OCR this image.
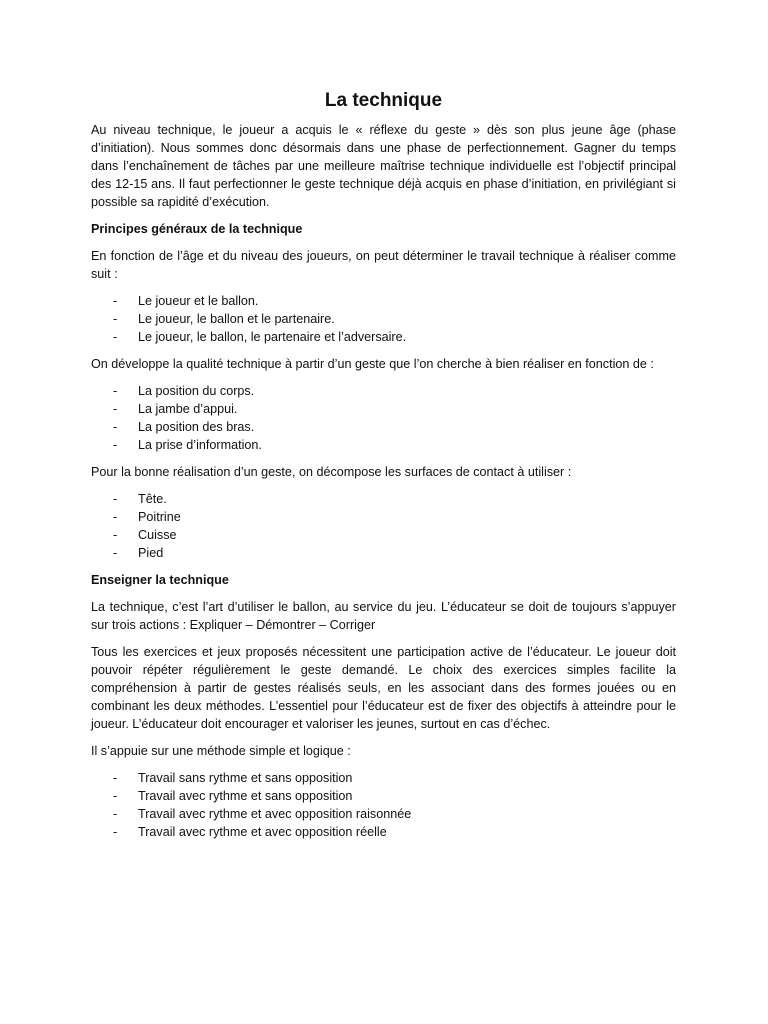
La technique

Au niveau technique, le joueur a acquis le « réflexe du geste » dès son plus jeune âge (phase d’initiation). Nous sommes donc désormais dans une phase de perfectionnement. Gagner du temps dans l’enchaînement de tâches par une meilleure maîtrise technique individuelle est l’objectif principal des 12-15 ans. Il faut perfectionner le geste technique déjà acquis en phase d’initiation, en privilégiant si possible sa rapidité d’exécution.

Principes généraux de la technique

En fonction de l’âge et du niveau des joueurs, on peut déterminer le travail technique à réaliser comme suit :

- Le joueur et le ballon.
- Le joueur, le ballon et le partenaire.
- Le joueur, le ballon, le partenaire et l’adversaire.

On développe la qualité technique à partir d’un geste que l’on cherche à bien réaliser en fonction de :

- La position du corps.
- La jambe d’appui.
- La position des bras.
- La prise d’information.

Pour la bonne réalisation d’un geste, on décompose les surfaces de contact à utiliser :

- Tête.
- Poitrine
- Cuisse
- Pied
Enseigner la technique

La technique, c’est l’art d’utiliser le ballon, au service du jeu. L’éducateur se doit de toujours s’appuyer sur trois actions : Expliquer – Démontrer – Corriger

Tous les exercices et jeux proposés nécessitent une participation active de l’éducateur. Le joueur doit pouvoir répéter régulièrement le geste demandé. Le choix des exercices simples facilite la compréhension à partir de gestes réalisés seuls, en les associant dans des formes jouées ou en combinant les deux méthodes. L’essentiel pour l’éducateur est de fixer des objectifs à atteindre pour le joueur. L’éducateur doit encourager et valoriser les jeunes, surtout en cas d’échec.

Il s’appuie sur une méthode simple et logique :

- Travail sans rythme et sans opposition
- Travail avec rythme et sans opposition
- Travail avec rythme et avec opposition raisonnée
- Travail avec rythme et avec opposition réelle
